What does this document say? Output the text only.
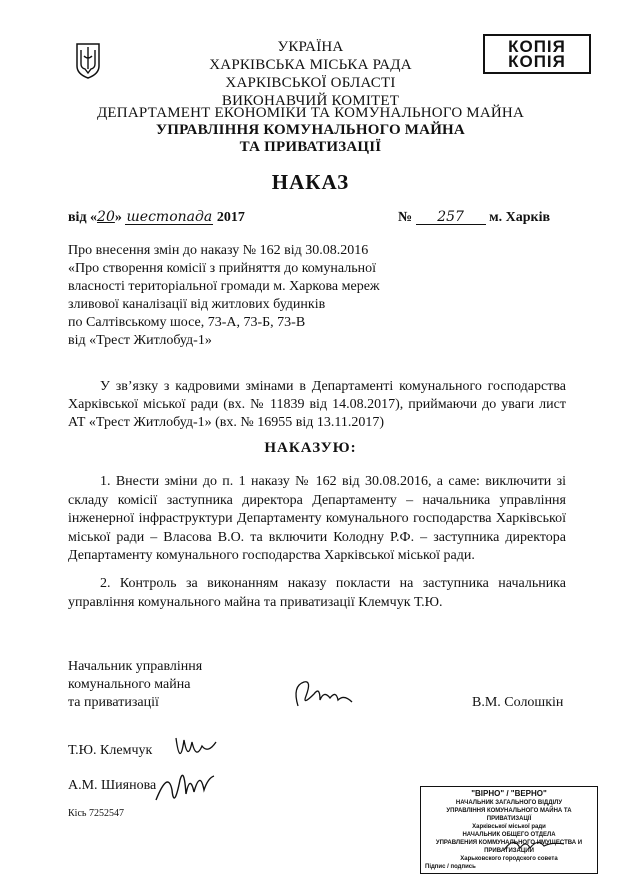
КОПІЯ
КОПІЯ
УКРАЇНА
ХАРКІВСЬКА МІСЬКА РАДА
ХАРКІВСЬКОЇ ОБЛАСТІ
ВИКОНАВЧИЙ КОМІТЕТ
ДЕПАРТАМЕНТ ЕКОНОМІКИ ТА КОМУНАЛЬНОГО МАЙНА
УПРАВЛІННЯ КОМУНАЛЬНОГО МАЙНА
ТА ПРИВАТИЗАЦІЇ
НАКАЗ
від «20» шестопада 2017	№ 257 м. Харків
Про внесення змін до наказу № 162 від 30.08.2016
«Про створення комісії з прийняття до комунальної
власності територіальної громади м. Харкова мереж
зливової каналізації від житлових будинків
по Салтівському шосе, 73-А, 73-Б, 73-В
від «Трест Житлобуд-1»
У зв’язку з кадровими змінами в Департаменті комунального господарства Харківської міської ради (вх. № 11839 від 14.08.2017), приймаючи до уваги лист АТ «Трест Житлобуд-1» (вх. № 16955 від 13.11.2017)
НАКАЗУЮ:
1. Внести зміни до п. 1 наказу № 162 від 30.08.2016, а саме: виключити зі складу комісії заступника директора Департаменту – начальника управління інженерної інфраструктури Департаменту комунального господарства Харківської міської ради – Власова В.О. та включити Колодну Р.Ф. – заступника директора Департаменту комунального господарства Харківської міської ради.
2. Контроль за виконанням наказу покласти на заступника начальника управління комунального майна та приватизації Клемчук Т.Ю.
Начальник управління
комунального майна
та приватизації	В.М. Солошкін
Т.Ю. Клемчук
А.М. Шиянова
Кісь 7252547
"ВІРНО" / "ВЕРНО"
НАЧАЛЬНИК ЗАГАЛЬНОГО ВІДДІЛУ
УПРАВЛІННЯ КОМУНАЛЬНОГО МАЙНА ТА ПРИВАТИЗАЦІЇ
Харківської міської ради
НАЧАЛЬНИК ОБЩЕГО ОТДЕЛА
УПРАВЛЕНИЯ КОММУНАЛЬНОГО ИМУЩЕСТВА И ПРИВАТИЗАЦИИ
Харьковского городского совета
Підпис / подпись
